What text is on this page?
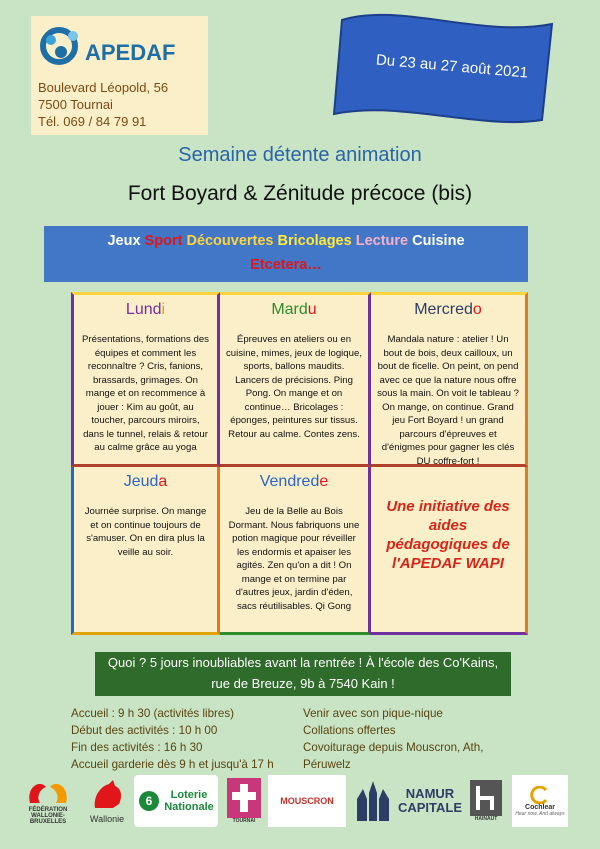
APEDAF
Boulevard Léopold, 56
7500 Tournai
Tél. 069 / 84 79 91
Du 23 au 27 août 2021
Semaine détente animation
Fort Boyard & Zénitude précoce (bis)
Jeux Sport Découvertes Bricolages Lecture Cuisine
Etcetera…
Lundi
Présentations, formations des équipes et comment les reconnaître ? Cris, fanions, brassards, grimages. On mange et on recommence à jouer : Kim au goût, au toucher, parcours miroirs, dans le tunnel, relais & retour au calme grâce au yoga
Mardu
Épreuves en ateliers ou en cuisine, mimes, jeux de logique, sports, ballons maudits. Lancers de précisions. Ping Pong. On mange et on continue… Bricolages : éponges, peintures sur tissus. Retour au calme. Contes zens.
Mercredo
Mandala nature : atelier ! Un bout de bois, deux cailloux, un bout de ficelle. On peint, on pend avec ce que la nature nous offre sous la main. On voit le tableau ? On mange, on continue. Grand jeu Fort Boyard ! un grand parcours d'épreuves et d'énigmes pour gagner les clés DU coffre-fort !
Jeuda
Journée surprise. On mange et on continue toujours de s'amuser. On en dira plus la veille au soir.
Vendrede
Jeu de la Belle au Bois Dormant. Nous fabriquons une potion magique pour réveiller les endormis et apaiser les agités. Zen qu'on a dit ! On mange et on termine par d'autres jeux, jardin d'éden, sacs réutilisables. Qi Gong
Une initiative des aides pédagogiques de l'APEDAF WAPI
Quoi ? 5 jours inoubliables avant la rentrée ! À l'école des Co'Kains,
rue de Breuze, 9b à 7540 Kain !
Accueil : 9 h 30 (activités libres)
Début des activités : 10 h 00
Fin des activités : 16 h 30
Accueil garderie dès 9 h et jusqu'à 17 h
Venir avec son pique-nique
Collations offertes
Covoiturage depuis Mouscron, Ath,
Péruwelz
FÉDÉRATION WALLONIE-BRUXELLES	Wallonie
6	Loterie
Nationale
TOURNAI
MOUSCRON	NAMUR
CAPITALE
HAINAUT
Cochlear
Hear now. And always
